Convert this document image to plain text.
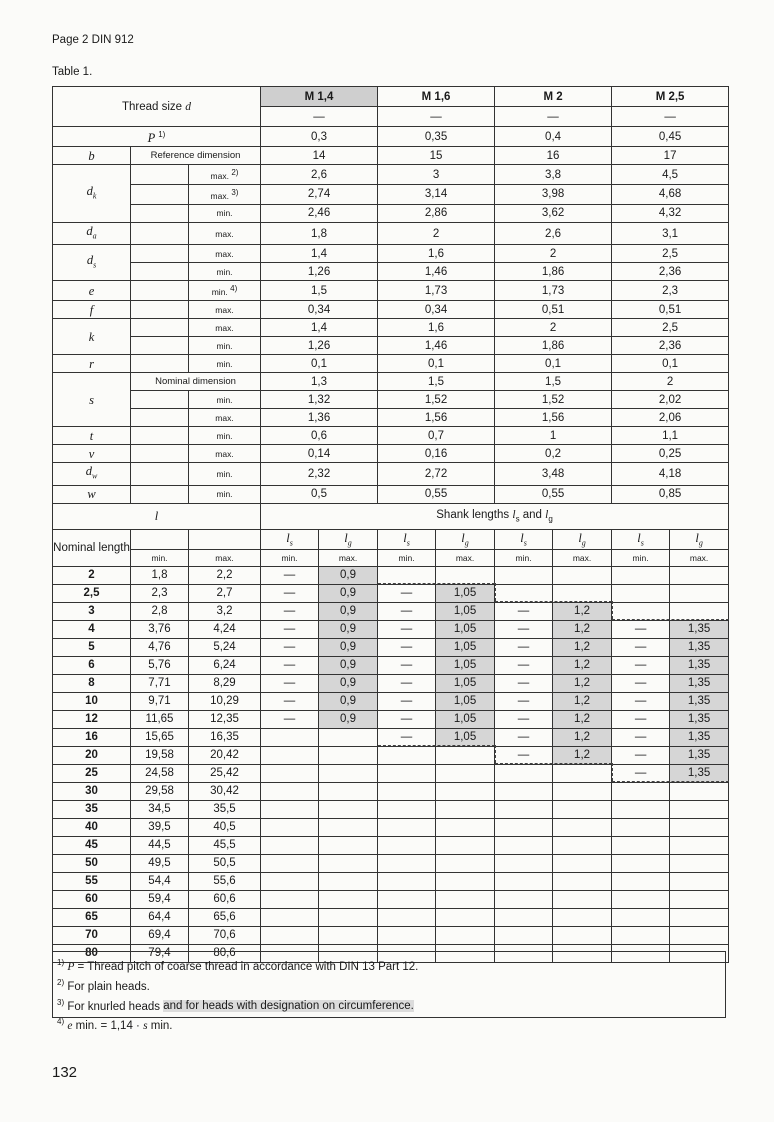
Page 2 DIN 912
Table 1.
Thread size d			M 1,4		M 1,6		M 2		M 2,5	
			—		—		—		—	
P $^{1)}$			0,3		0,35		0,4		0,45	
b	Reference dimension		14		15		16		17	
$d_k$		max. $^{2)}$	2,6		3		3,8		4,5	
		max. $^{3)}$	2,74		3,14		3,98		4,68	
		min.	2,46		2,86		3,62		4,32	
$d_a$		max.	1,8		2		2,6		3,1	
$d_s$		max.	1,4		1,6		2		2,5	
		min.	1,26		1,46		1,86		2,36	
e		min. $^{4)}$	1,5		1,73		1,73		2,3	
f		max.	0,34		0,34		0,51		0,51	
k		max.	1,4		1,6		2		2,5	
		min.	1,26		1,46		1,86		2,36	
r		min.	0,1		0,1		0,1		0,1	
s	Nominal dimension		1,3		1,5		1,5		2	
		min.	1,32		1,52		1,52		2,02	
		max.	1,36		1,56		1,56		2,06	
t		min.	0,6		0,7		1		1,1	
v		max.	0,14		0,16		0,2		0,25	
$d_w$		min.	2,32		2,72		3,48		4,18	
w		min.	0,5		0,55		0,55		0,85	
l			Shank lengths $l_s$ and $l_g$
Nominal length			$l_s$	$l_g$	$l_s$	$l_g$	$l_s$	$l_g$	$l_s$	$l_g$
	min.	max.	min.	max.	min.	max.	min.	max.	min.	max.
2	1,8	2,2	—	0,9						
2,5	2,3	2,7	—	0,9	—	1,05				
3	2,8	3,2	—	0,9	—	1,05	—	1,2		
4	3,76	4,24	—	0,9	—	1,05	—	1,2	—	1,35
5	4,76	5,24	—	0,9	—	1,05	—	1,2	—	1,35
6	5,76	6,24	—	0,9	—	1,05	—	1,2	—	1,35
8	7,71	8,29	—	0,9	—	1,05	—	1,2	—	1,35
10	9,71	10,29	—	0,9	—	1,05	—	1,2	—	1,35
12	11,65	12,35	—	0,9	—	1,05	—	1,2	—	1,35
16	15,65	16,35			—	1,05	—	1,2	—	1,35
20	19,58	20,42					—	1,2	—	1,35
25	24,58	25,42							—	1,35
30	29,58	30,42								
35	34,5	35,5								
40	39,5	40,5								
45	44,5	45,5								
50	49,5	50,5								
55	54,4	55,6								
60	59,4	60,6								
65	64,4	65,6								
70	69,4	70,6								
80	79,4	80,6								
$^{1)}$ P = Thread pitch of coarse thread in accordance with DIN 13 Part 12.
$^{2)}$ For plain heads.
$^{3)}$ For knurled heads and for heads with designation on circumference.
$^{4)}$ e min. = 1,14 · s min.
132
